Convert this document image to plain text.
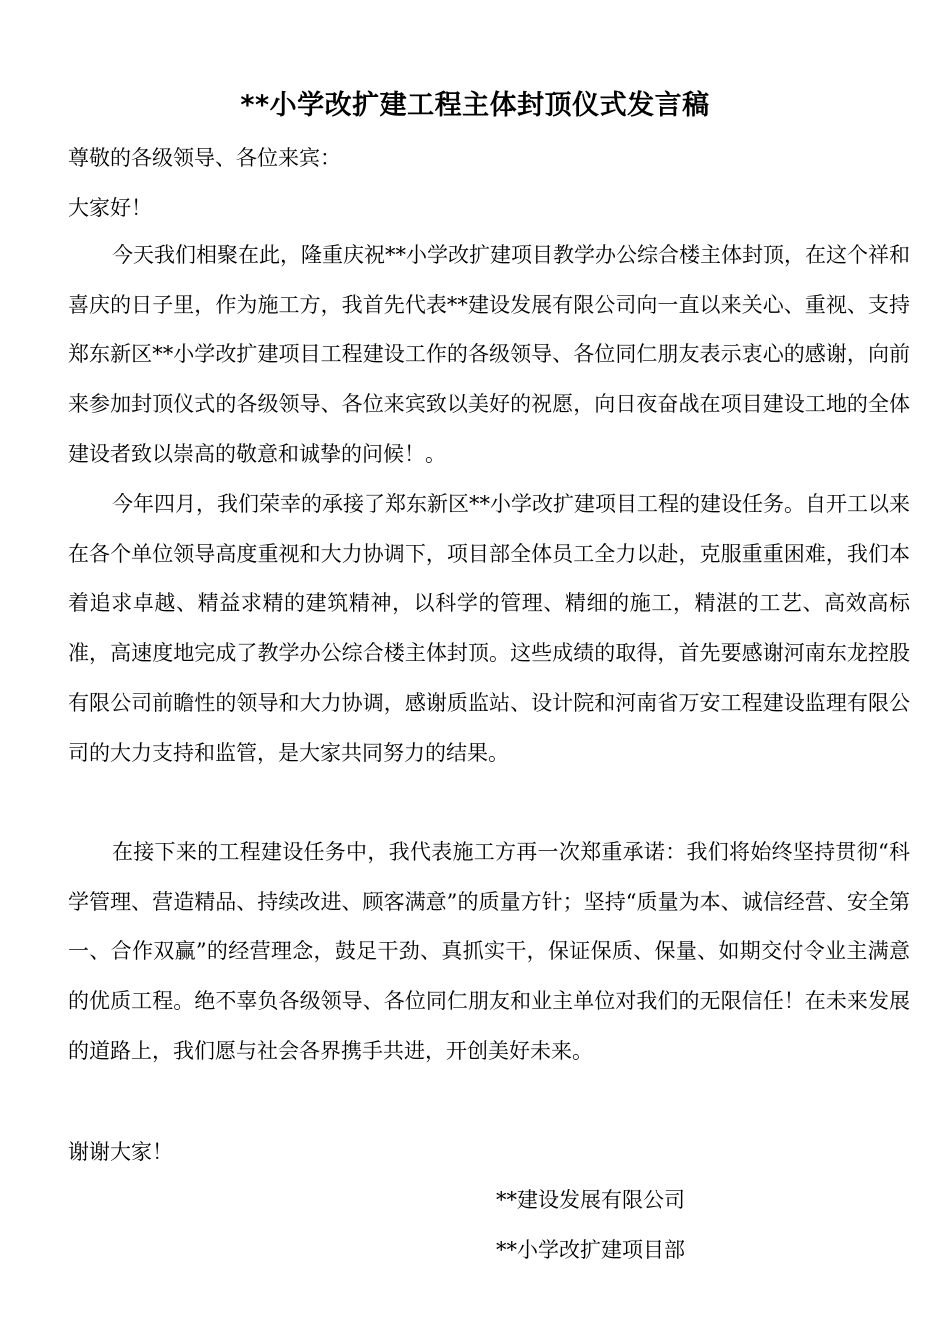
**小学改扩建工程主体封顶仪式发言稿
尊敬的各级领导、各位来宾：
大家好！
今天我们相聚在此，隆重庆祝**小学改扩建项目教学办公综合楼主体封顶，在这个祥和喜庆的日子里，作为施工方，我首先代表**建设发展有限公司向一直以来关心、重视、支持郑东新区**小学改扩建项目工程建设工作的各级领导、各位同仁朋友表示衷心的感谢，向前来参加封顶仪式的各级领导、各位来宾致以美好的祝愿，向日夜奋战在项目建设工地的全体建设者致以崇高的敬意和诚挚的问候！。
今年四月，我们荣幸的承接了郑东新区**小学改扩建项目工程的建设任务。自开工以来在各个单位领导高度重视和大力协调下，项目部全体员工全力以赴，克服重重困难，我们本着追求卓越、精益求精的建筑精神，以科学的管理、精细的施工，精湛的工艺、高效高标准，高速度地完成了教学办公综合楼主体封顶。这些成绩的取得，首先要感谢河南东龙控股有限公司前瞻性的领导和大力协调，感谢质监站、设计院和河南省万安工程建设监理有限公司的大力支持和监管，是大家共同努力的结果。
在接下来的工程建设任务中，我代表施工方再一次郑重承诺：我们将始终坚持贯彻“科学管理、营造精品、持续改进、顾客满意”的质量方针；坚持“质量为本、诚信经营、安全第一、合作双赢”的经营理念，鼓足干劲、真抓实干，保证保质、保量、如期交付令业主满意的优质工程。绝不辜负各级领导、各位同仁朋友和业主单位对我们的无限信任！在未来发展的道路上，我们愿与社会各界携手共进，开创美好未来。
谢谢大家！
**建设发展有限公司
**小学改扩建项目部
